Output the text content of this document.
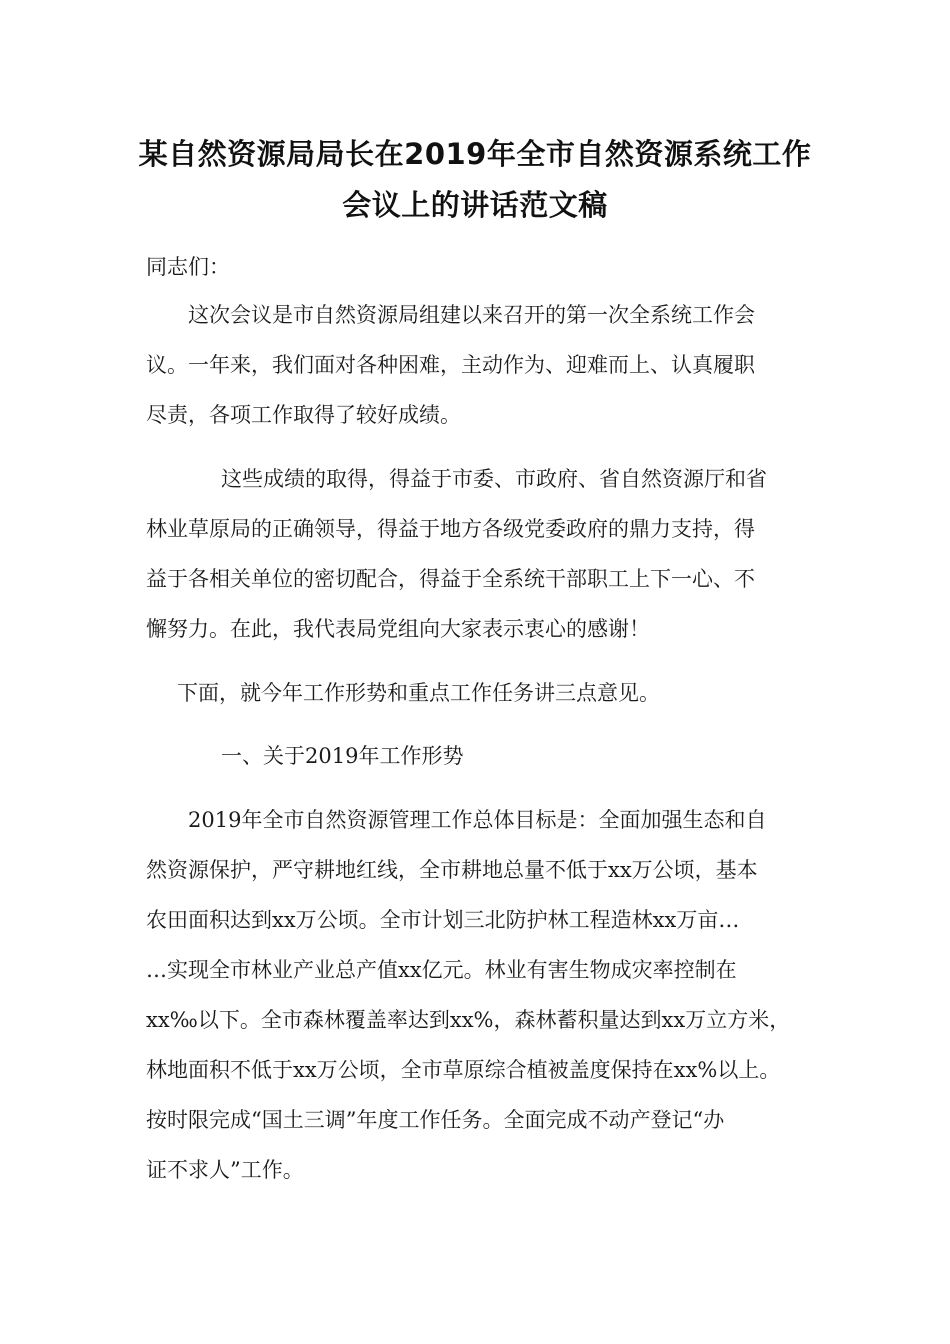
某自然资源局局长在2019年全市自然资源系统工作
会议上的讲话范文稿
同志们：
这次会议是市自然资源局组建以来召开的第一次全系统工作会
议。一年来，我们面对各种困难，主动作为、迎难而上、认真履职
尽责，各项工作取得了较好成绩。
这些成绩的取得，得益于市委、市政府、省自然资源厅和省
林业草原局的正确领导，得益于地方各级党委政府的鼎力支持，得
益于各相关单位的密切配合，得益于全系统干部职工上下一心、不
懈努力。在此，我代表局党组向大家表示衷心的感谢！
下面，就今年工作形势和重点工作任务讲三点意见。
一、关于2019年工作形势
2019年全市自然资源管理工作总体目标是：全面加强生态和自
然资源保护，严守耕地红线，全市耕地总量不低于xx万公顷，基本
农田面积达到xx万公顷。全市计划三北防护林工程造林xx万亩…
…实现全市林业产业总产值xx亿元。林业有害生物成灾率控制在
xx‰以下。全市森林覆盖率达到xx%，森林蓄积量达到xx万立方米，
林地面积不低于xx万公顷，全市草原综合植被盖度保持在xx%以上。
按时限完成“国土三调”年度工作任务。全面完成不动产登记“办
证不求人”工作。
